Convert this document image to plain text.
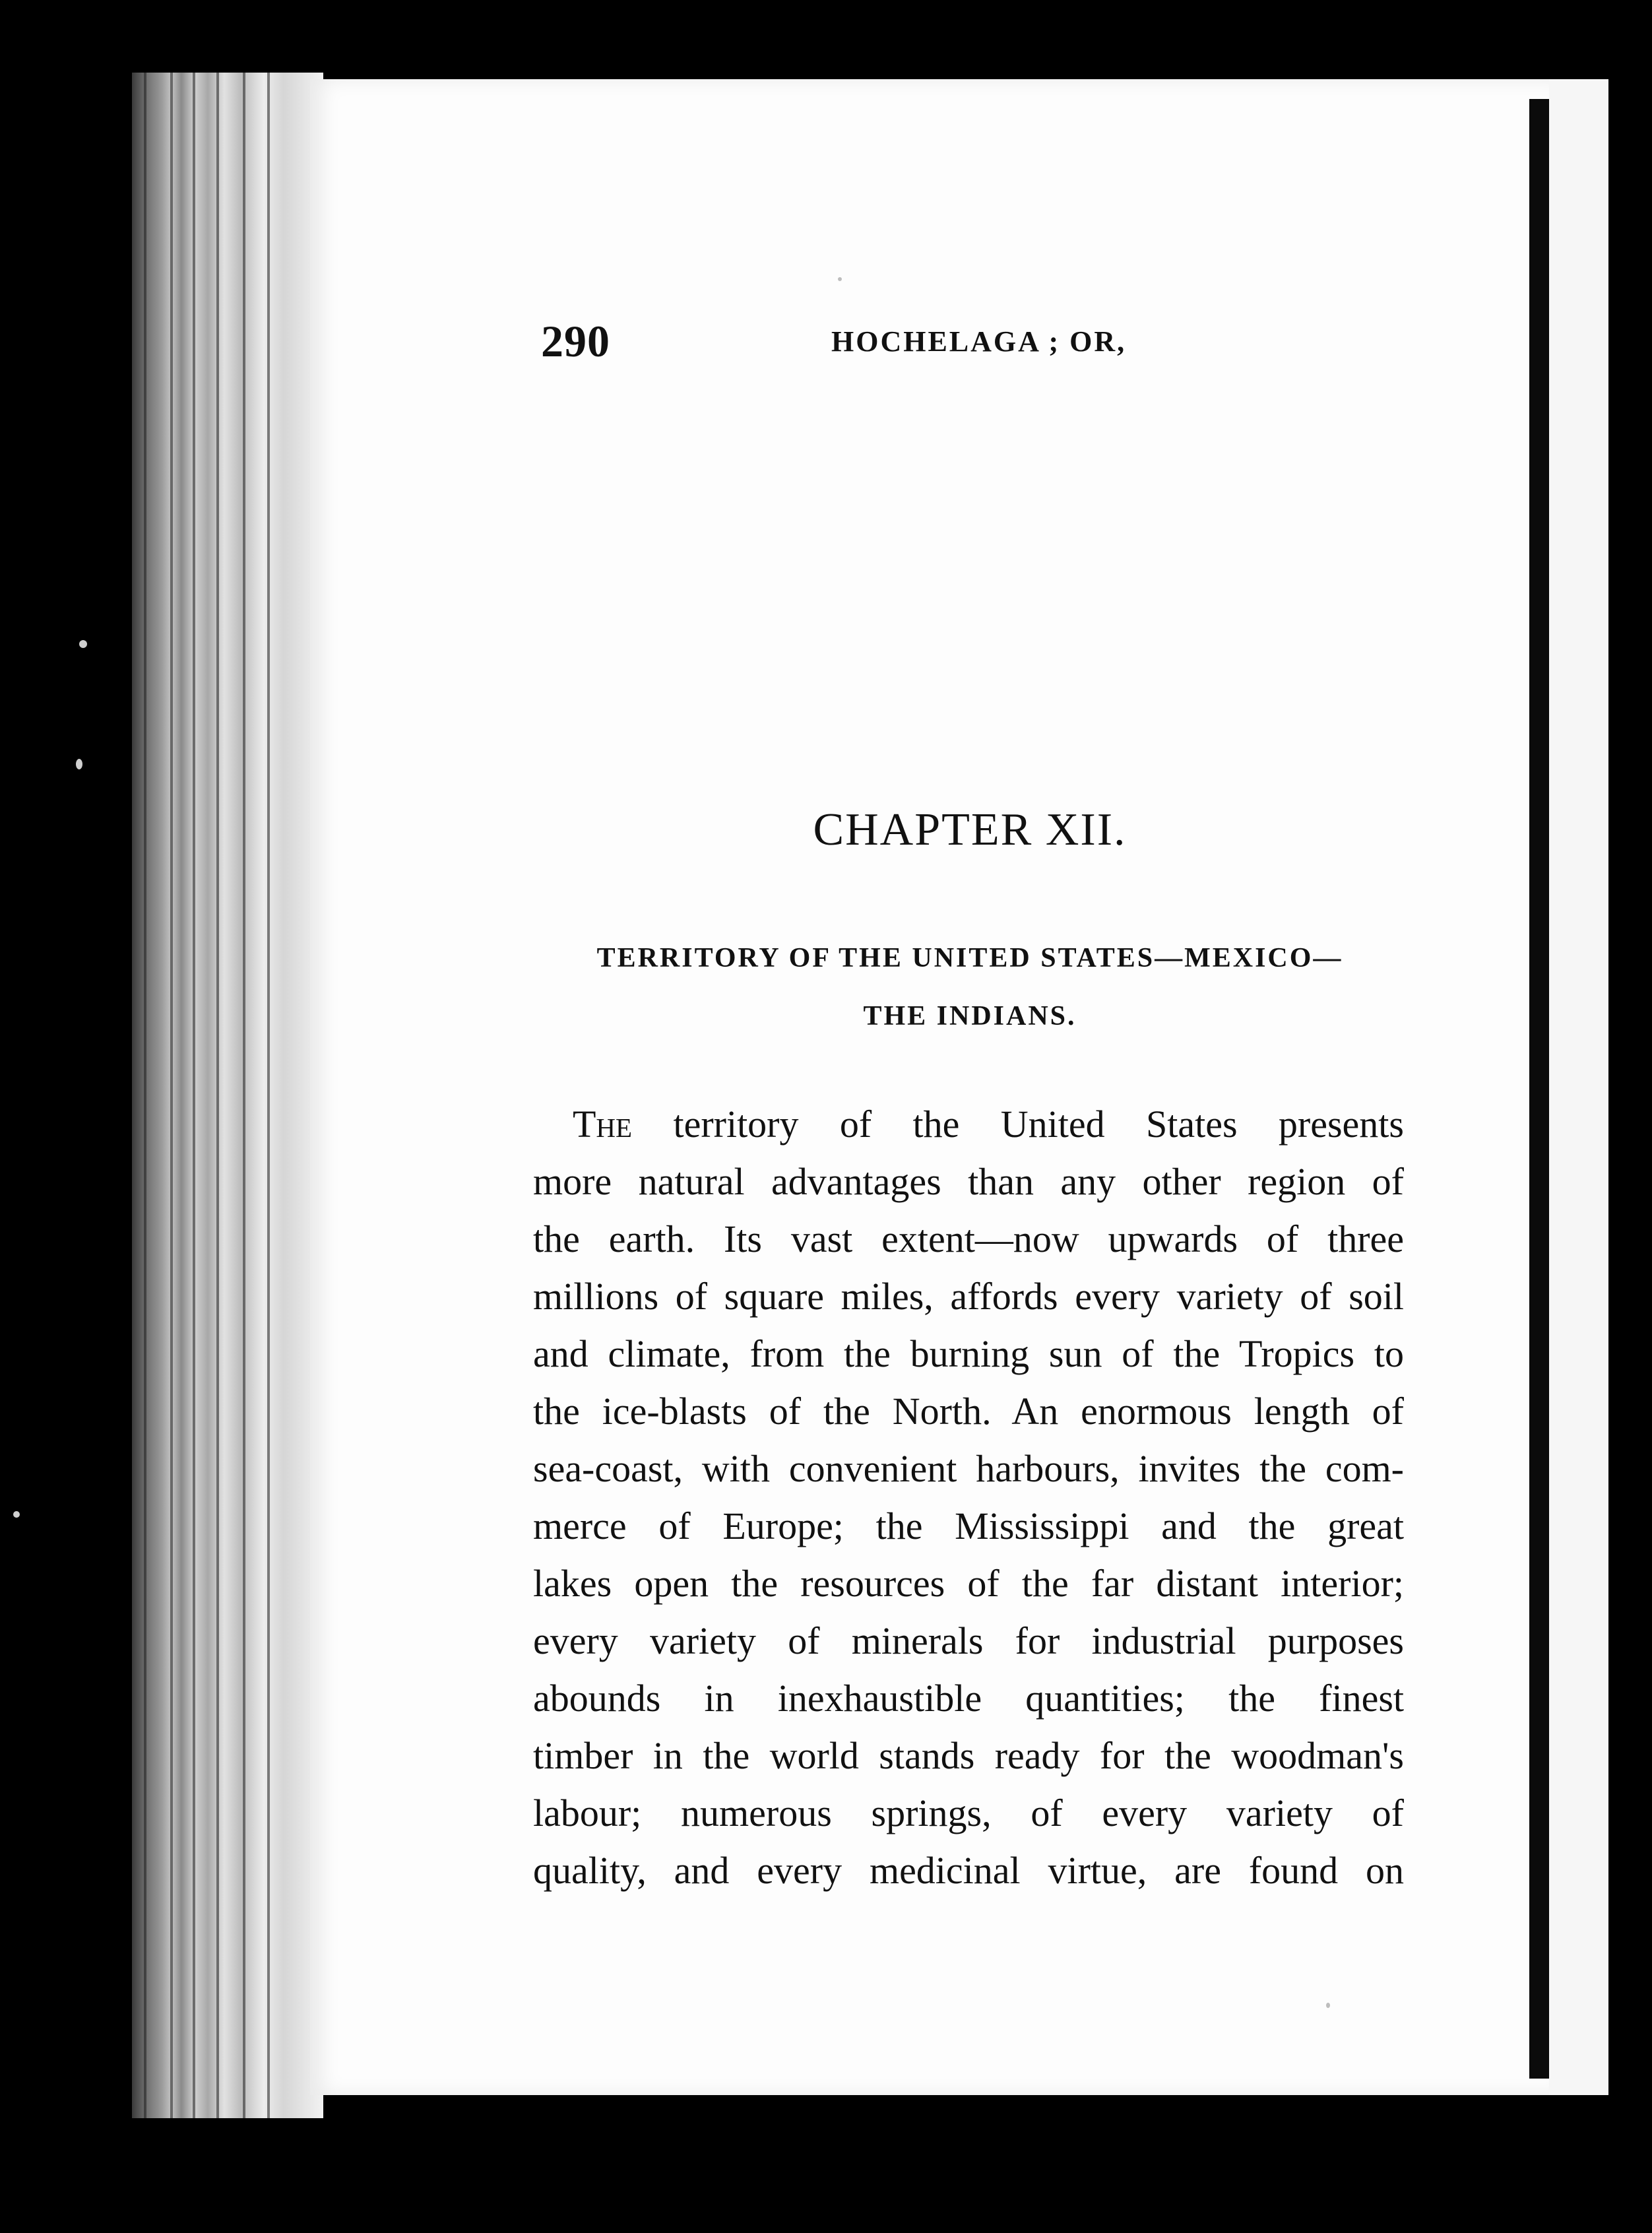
290	HOCHELAGA ; OR,
CHAPTER XII.
TERRITORY OF THE UNITED STATES—MEXICO—
THE INDIANS.
The territory of the United States presents
more natural advantages than any other region of
the earth. Its vast extent—now upwards of three
millions of square miles, affords every variety of soil
and climate, from the burning sun of the Tropics to
the ice-blasts of the North. An enormous length of
sea-coast, with convenient harbours, invites the com-
merce of Europe; the Mississippi and the great
lakes open the resources of the far distant interior;
every variety of minerals for industrial purposes
abounds in inexhaustible quantities; the finest
timber in the world stands ready for the woodman's
labour; numerous springs, of every variety of
quality, and every medicinal virtue, are found on
